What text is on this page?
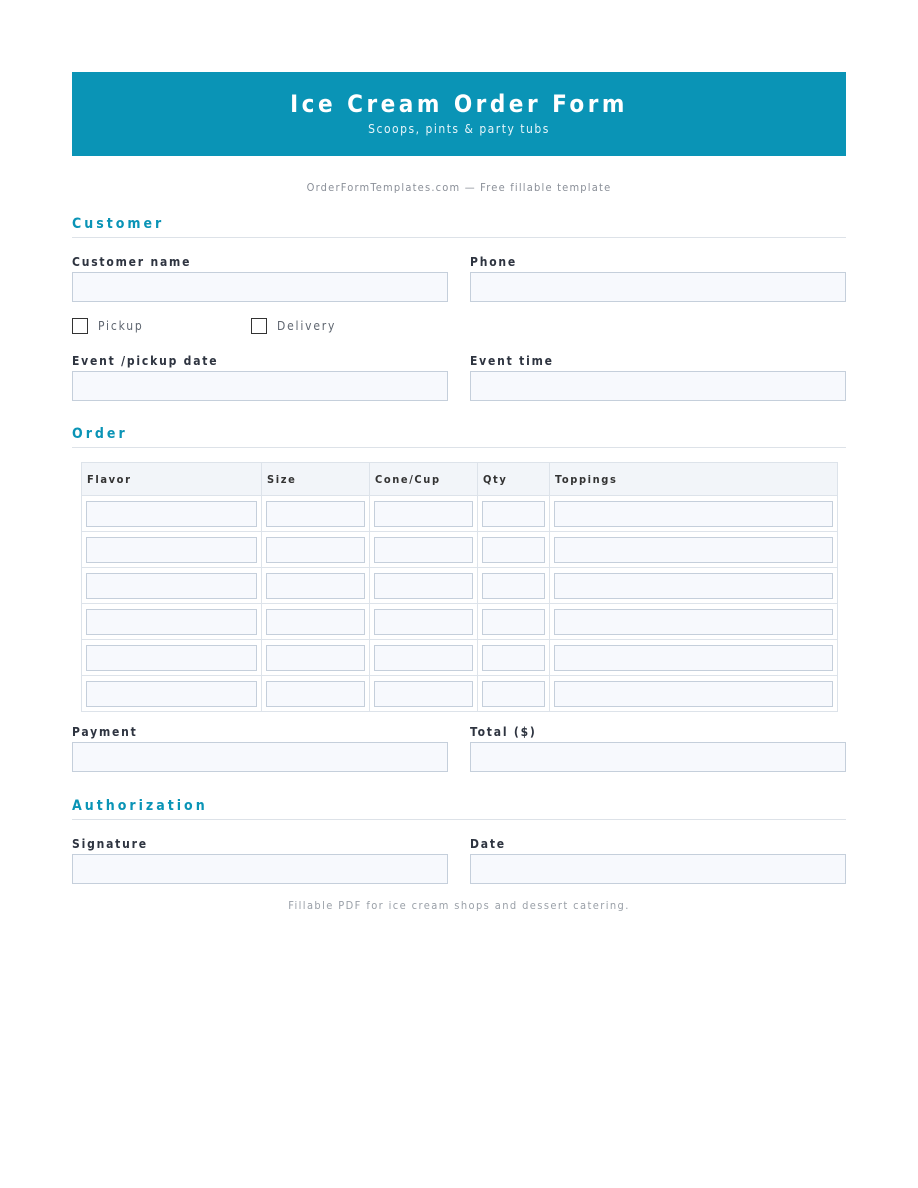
Ice Cream Order Form
Scoops, pints & party tubs
OrderFormTemplates.com — Free fillable template
Customer
Customer name	Phone
Pickup	Delivery
Event /pickup date	Event time
Order
Flavor	Size	Cone/Cup	Qty	Toppings

Payment	Total ($)
Authorization
Signature	Date
Fillable PDF for ice cream shops and dessert catering.
